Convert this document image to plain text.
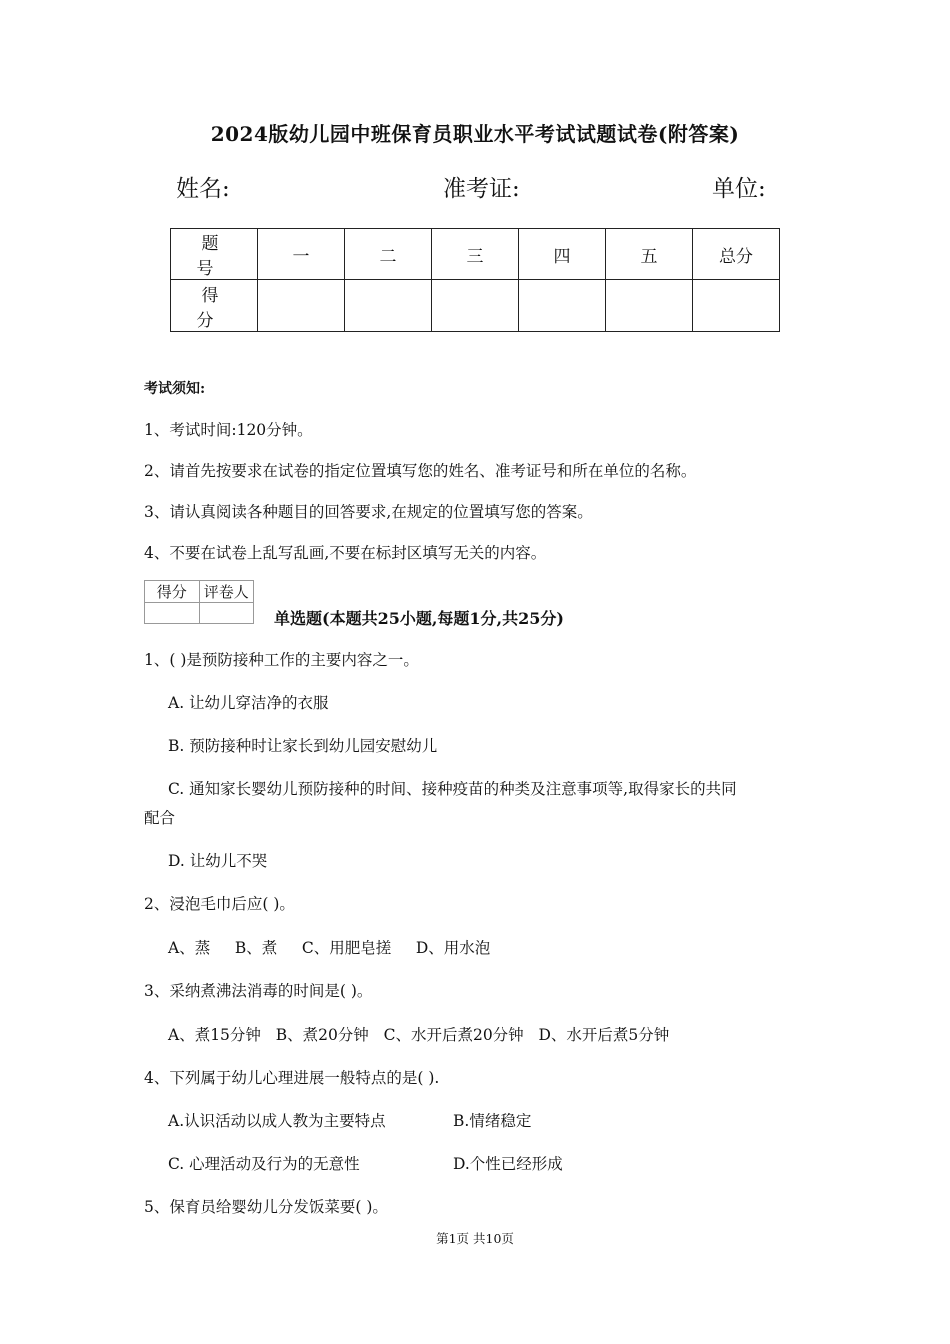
2024版幼儿园中班保育员职业水平考试试题试卷(附答案)
姓名:	准考证:	单位:
题 号	一	二	三	四	五	总分
得 分						
考试须知:
1、考试时间:120分钟。
2、请首先按要求在试卷的指定位置填写您的姓名、准考证号和所在单位的名称。
3、请认真阅读各种题目的回答要求,在规定的位置填写您的答案。
4、不要在试卷上乱写乱画,不要在标封区填写无关的内容。
得分	评卷人

单选题(本题共25小题,每题1分,共25分)
1、( )是预防接种工作的主要内容之一。
A. 让幼儿穿洁净的衣服
B. 预防接种时让家长到幼儿园安慰幼儿
C. 通知家长婴幼儿预防接种的时间、接种疫苗的种类及注意事项等,取得家长的共同
配合
D. 让幼儿不哭
2、浸泡毛巾后应( )。
A、蒸     B、煮     C、用肥皂搓     D、用水泡
3、采纳煮沸法消毒的时间是( )。
A、煮15分钟   B、煮20分钟   C、水开后煮20分钟   D、水开后煮5分钟
4、下列属于幼儿心理进展一般特点的是( ).
A.认识活动以成人教为主要特点	B.情绪稳定
C. 心理活动及行为的无意性	D.个性已经形成
5、保育员给婴幼儿分发饭菜要( )。
第1页 共10页
